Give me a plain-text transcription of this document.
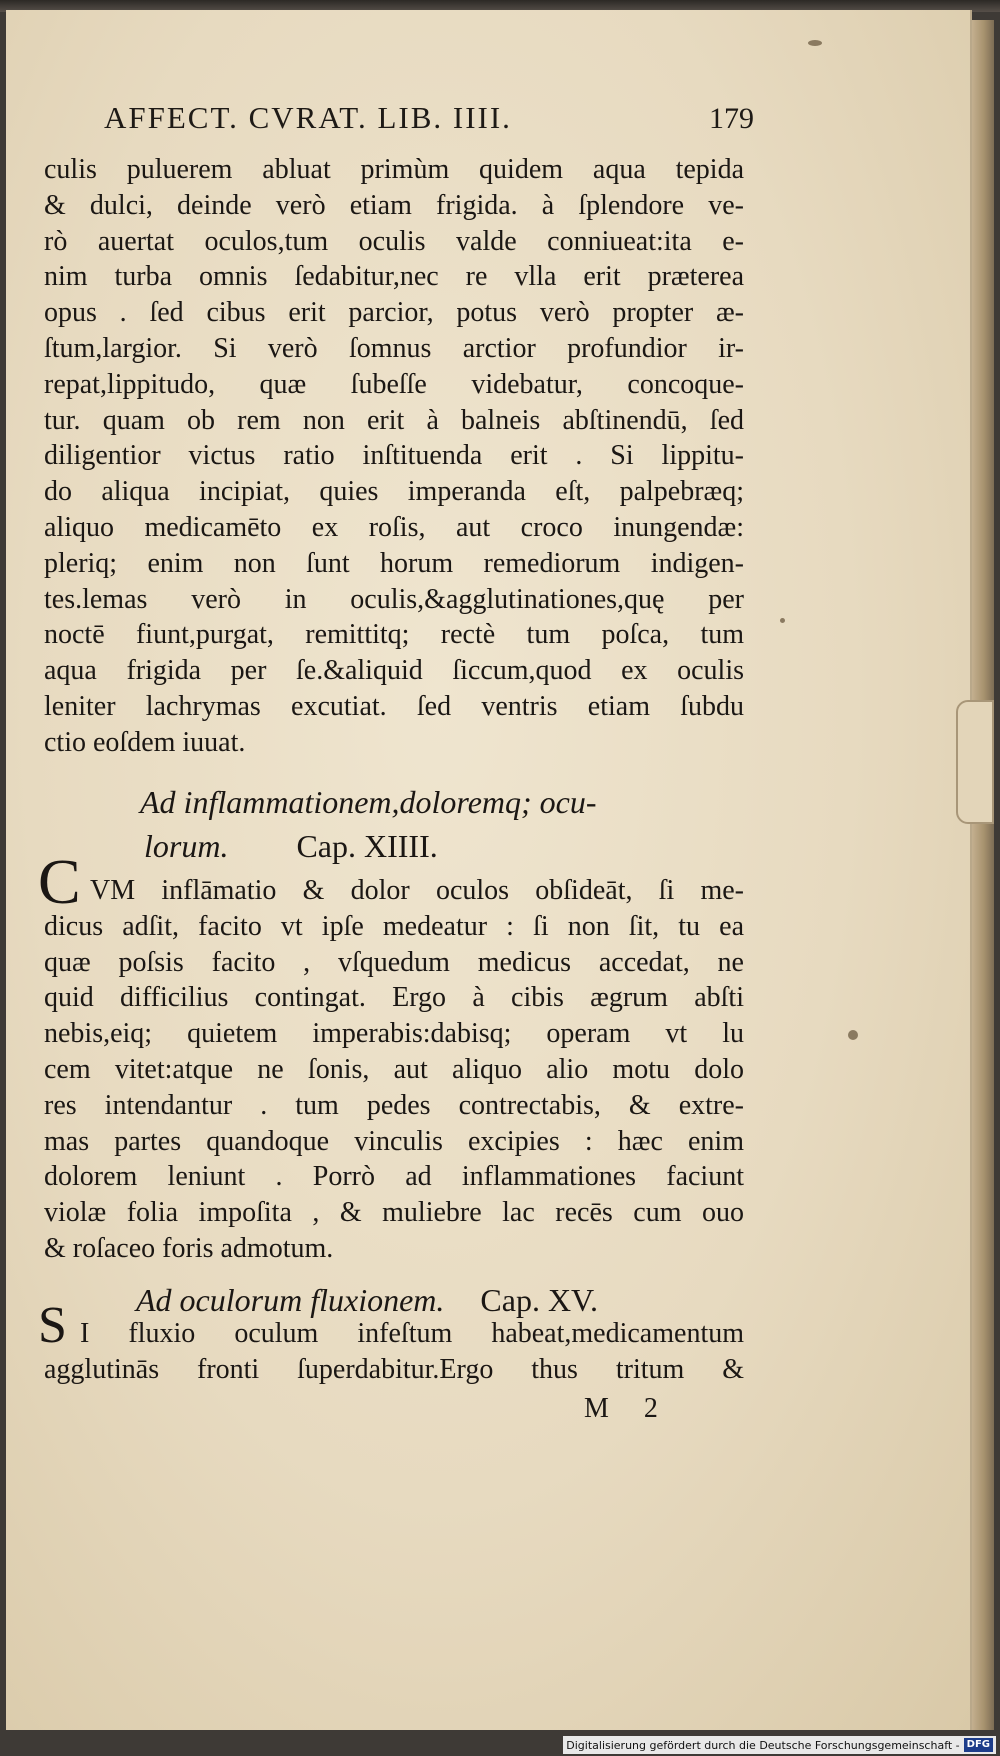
AFFECT. CVRAT. LIB. IIII.	179
culis puluerem abluat primùm quidem aqua tepida
& dulci, deinde verò etiam frigida. à ſplendore ve-
rò auertat oculos,tum oculis valde conniueat:ita e-
nim turba omnis ſedabitur,nec re vlla erit præterea
opus . ſed cibus erit parcior, potus verò propter æ-
ſtum,largior. Si verò ſomnus arctior profundior ir-
repat,lippitudo, quæ ſubeſſe videbatur, concoque-
tur. quam ob rem non erit à balneis abſtinendū, ſed
diligentior victus ratio inſtituenda erit . Si lippitu-
do aliqua incipiat, quies imperanda eſt, palpebræq;
aliquo medicamēto ex roſis, aut croco inungendæ:
pleriq; enim non ſunt horum remediorum indigen-
tes.lemas verò in oculis,&agglutinationes,quę per
noctē fiunt,purgat, remittitq; rectè tum poſca, tum
aqua frigida per ſe.&aliquid ſiccum,quod ex oculis
leniter lachrymas excutiat. ſed ventris etiam ſubdu
ctio eoſdem iuuat.
Ad inflammationem,doloremq; ocu-
lorum. Cap. XIIII.
C VM inflāmatio & dolor oculos obſideāt, ſi me-
dicus adſit, facito vt ipſe medeatur : ſi non ſit, tu ea
quæ poſsis facito , vſquedum medicus accedat, ne
quid difficilius contingat. Ergo à cibis ægrum abſti
nebis,eiq; quietem imperabis:dabisq; operam vt lu
cem vitet:atque ne ſonis, aut aliquo alio motu dolo
res intendantur . tum pedes contrectabis, & extre-
mas partes quandoque vinculis excipies : hæc enim
dolorem leniunt . Porrò ad inflammationes faciunt
violæ folia impoſita , & muliebre lac recēs cum ouo
& roſaceo foris admotum.
Ad oculorum fluxionem. Cap. XV.
S I fluxio oculum infeſtum habeat,medicamentum
agglutinās fronti ſuperdabitur.Ergo thus tritum &
M 2
Digitalisierung gefördert durch die Deutsche Forschungsgemeinschaft - DFG
